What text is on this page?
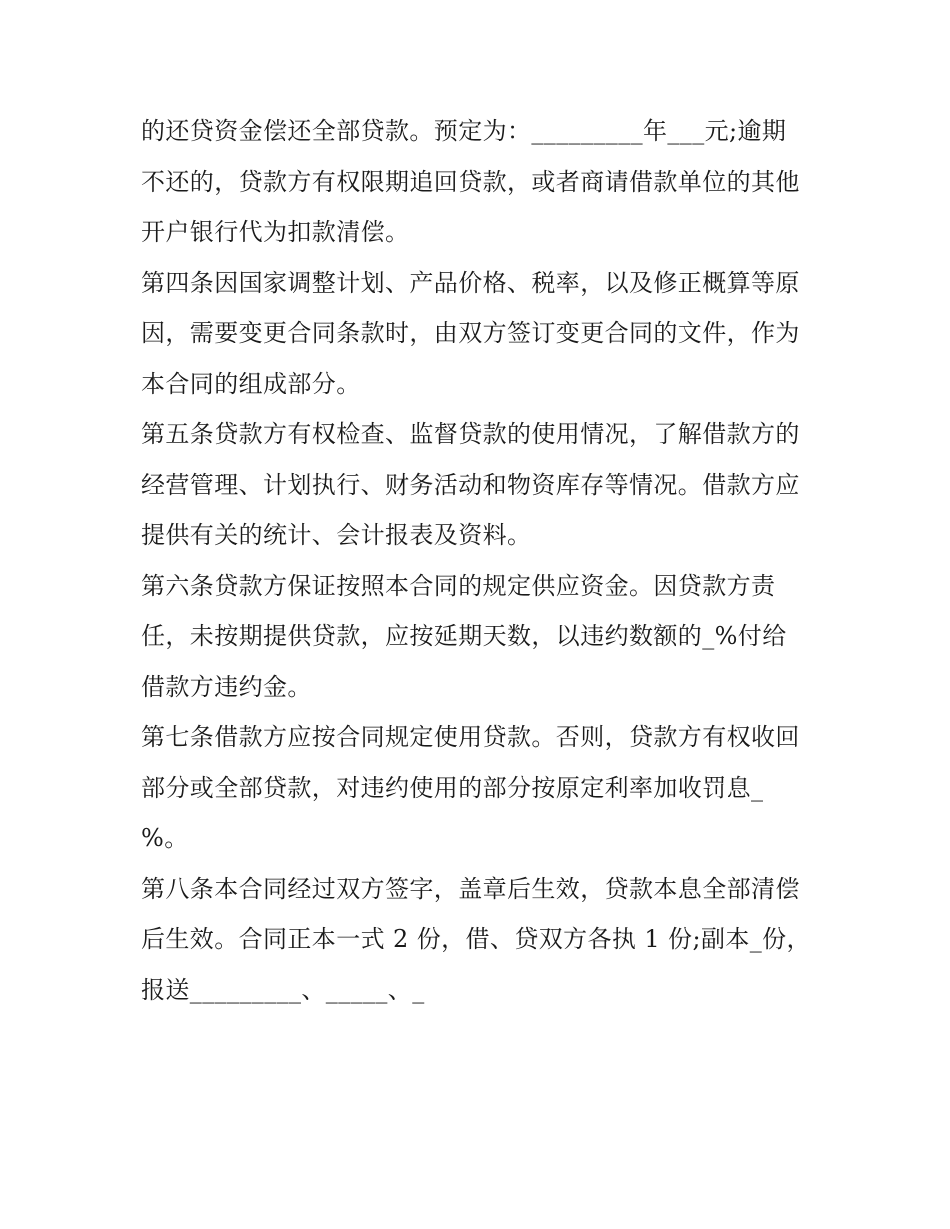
的还贷资金偿还全部贷款。预定为：_________年___元;逾期
不还的，贷款方有权限期追回贷款，或者商请借款单位的其他
开户银行代为扣款清偿。
第四条因国家调整计划、产品价格、税率，以及修正概算等原
因，需要变更合同条款时，由双方签订变更合同的文件，作为
本合同的组成部分。
第五条贷款方有权检查、监督贷款的使用情况，了解借款方的
经营管理、计划执行、财务活动和物资库存等情况。借款方应
提供有关的统计、会计报表及资料。
第六条贷款方保证按照本合同的规定供应资金。因贷款方责
任，未按期提供贷款，应按延期天数，以违约数额的_%付给
借款方违约金。
第七条借款方应按合同规定使用贷款。否则，贷款方有权收回
部分或全部贷款，对违约使用的部分按原定利率加收罚息_
%。
第八条本合同经过双方签字，盖章后生效，贷款本息全部清偿
后生效。合同正本一式 2 份，借、贷双方各执 1 份;副本_份，
报送_________、_____、_
